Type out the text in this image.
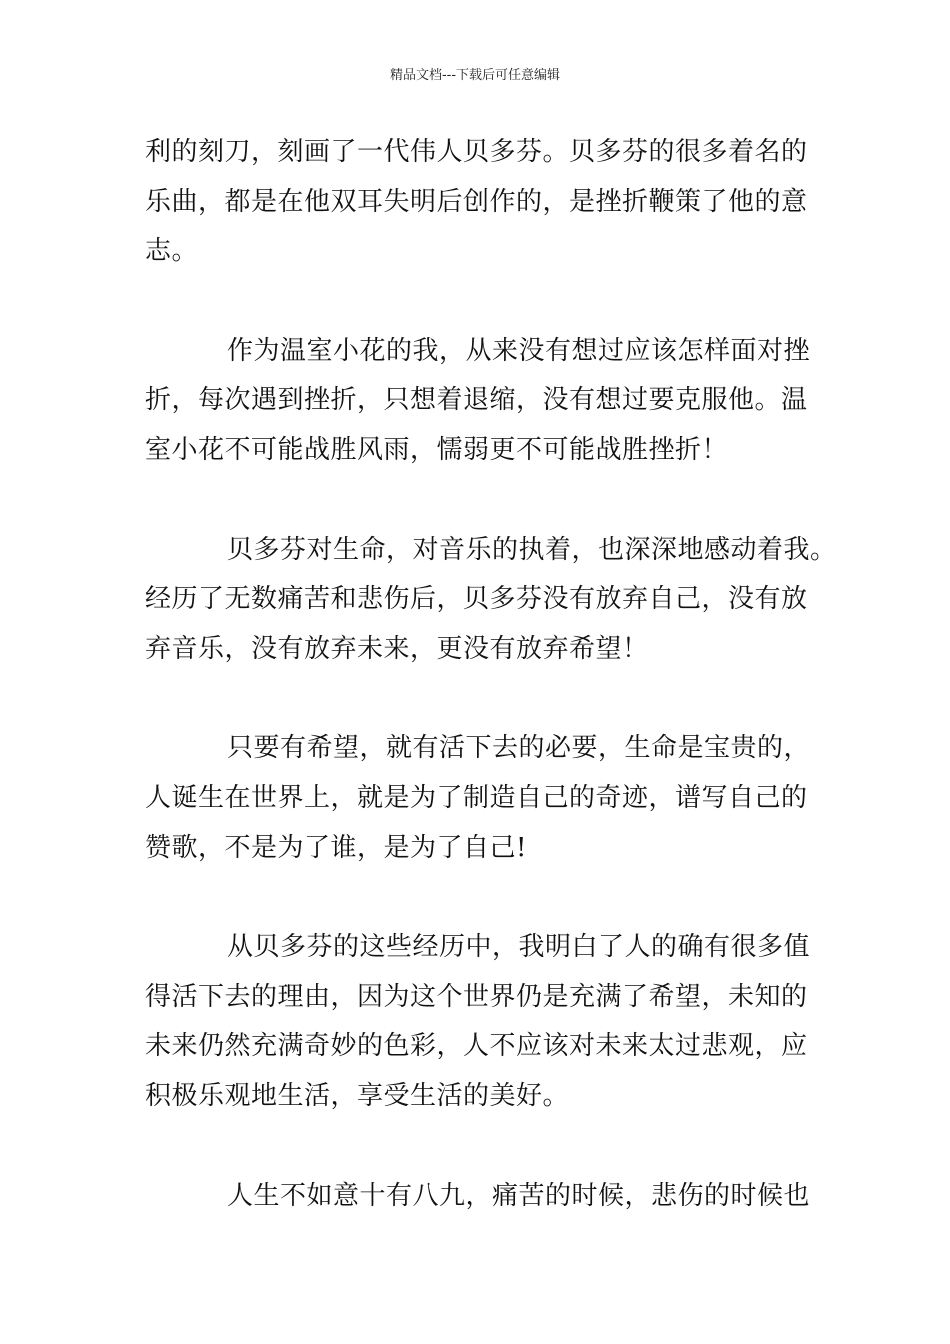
精品文档---下载后可任意编辑
利的刻刀，刻画了一代伟人贝多芬。贝多芬的很多着名的
乐曲，都是在他双耳失明后创作的，是挫折鞭策了他的意
志。
作为温室小花的我，从来没有想过应该怎样面对挫
折，每次遇到挫折，只想着退缩，没有想过要克服他。温
室小花不可能战胜风雨，懦弱更不可能战胜挫折！
贝多芬对生命，对音乐的执着，也深深地感动着我。
经历了无数痛苦和悲伤后，贝多芬没有放弃自己，没有放
弃音乐，没有放弃未来，更没有放弃希望！
只要有希望，就有活下去的必要，生命是宝贵的，
人诞生在世界上，就是为了制造自己的奇迹，谱写自己的
赞歌，不是为了谁，是为了自己!
从贝多芬的这些经历中，我明白了人的确有很多值
得活下去的理由，因为这个世界仍是充满了希望，未知的
未来仍然充满奇妙的色彩，人不应该对未来太过悲观，应
积极乐观地生活，享受生活的美好。
人生不如意十有八九，痛苦的时候，悲伤的时候也
